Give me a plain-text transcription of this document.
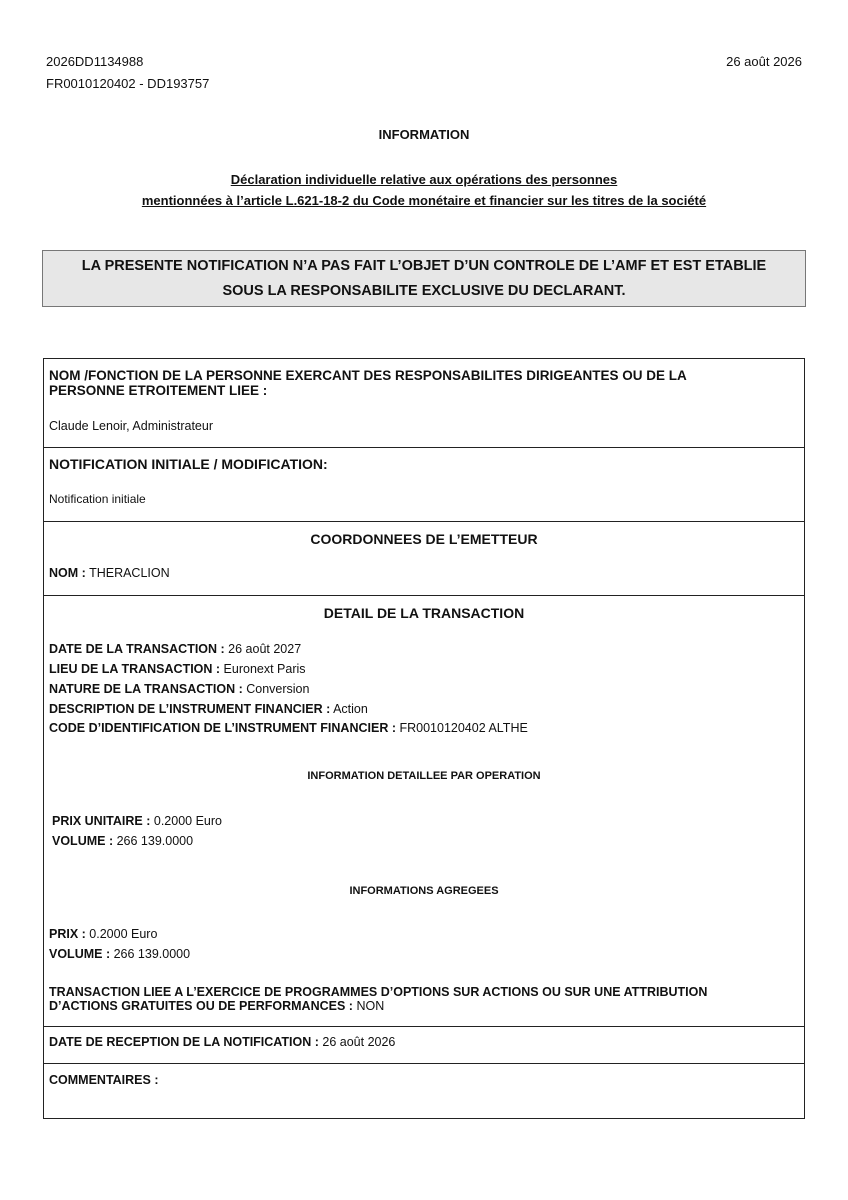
2026DD1134988
FR0010120402 - DD193757
26 août 2026
INFORMATION
Déclaration individuelle relative aux opérations des personnes
mentionnées à l’article L.621-18-2 du Code monétaire et financier sur les titres de la société
LA PRESENTE NOTIFICATION N’A PAS FAIT L’OBJET D’UN CONTROLE DE L’AMF ET EST ETABLIE
SOUS LA RESPONSABILITE EXCLUSIVE DU DECLARANT.
NOM /FONCTION DE LA PERSONNE EXERCANT DES RESPONSABILITES DIRIGEANTES OU DE LA
PERSONNE ETROITEMENT LIEE :
Claude Lenoir, Administrateur
NOTIFICATION INITIALE / MODIFICATION:
Notification initiale
COORDONNEES DE L’EMETTEUR
NOM : THERACLION
DETAIL DE LA TRANSACTION
DATE DE LA TRANSACTION : 26 août 2027
LIEU DE LA TRANSACTION : Euronext Paris
NATURE DE LA TRANSACTION : Conversion
DESCRIPTION DE L’INSTRUMENT FINANCIER : Action
CODE D’IDENTIFICATION DE L’INSTRUMENT FINANCIER : FR0010120402 ALTHE
INFORMATION DETAILLEE PAR OPERATION
PRIX UNITAIRE : 0.2000 Euro
VOLUME : 266 139.0000
INFORMATIONS AGREGEES
PRIX : 0.2000 Euro
VOLUME : 266 139.0000
TRANSACTION LIEE A L’EXERCICE DE PROGRAMMES D’OPTIONS SUR ACTIONS OU SUR UNE ATTRIBUTION
D’ACTIONS GRATUITES OU DE PERFORMANCES : NON
DATE DE RECEPTION DE LA NOTIFICATION : 26 août 2026
COMMENTAIRES :
